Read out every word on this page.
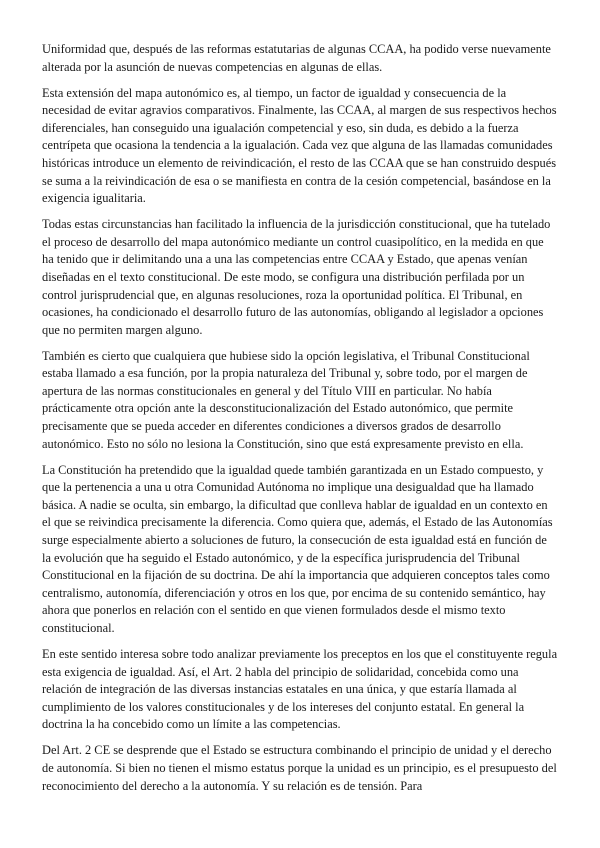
Uniformidad que, después de las reformas estatutarias de algunas CCAA, ha podido verse nuevamente alterada por la asunción de nuevas competencias en algunas de ellas.

Esta extensión del mapa autonómico es, al tiempo, un factor de igualdad y consecuencia de la necesidad de evitar agravios comparativos. Finalmente, las CCAA, al margen de sus respectivos hechos diferenciales, han conseguido una igualación competencial y eso, sin duda, es debido a la fuerza centrípeta que ocasiona la tendencia a la igualación. Cada vez que alguna de las llamadas comunidades históricas introduce un elemento de reivindicación, el resto de las CCAA que se han construido después se suma a la reivindicación de esa o se manifiesta en contra de la cesión competencial, basándose en la exigencia igualitaria.

Todas estas circunstancias han facilitado la influencia de la jurisdicción constitucional, que ha tutelado el proceso de desarrollo del mapa autonómico mediante un control cuasipolítico, en la medida en que ha tenido que ir delimitando una a una las competencias entre CCAA y Estado, que apenas venían diseñadas en el texto constitucional. De este modo, se configura una distribución perfilada por un control jurisprudencial que, en algunas resoluciones, roza la oportunidad política. El Tribunal, en ocasiones, ha condicionado el desarrollo futuro de las autonomías, obligando al legislador a opciones que no permiten margen alguno.

También es cierto que cualquiera que hubiese sido la opción legislativa, el Tribunal Constitucional estaba llamado a esa función, por la propia naturaleza del Tribunal y, sobre todo, por el margen de apertura de las normas constitucionales en general y del Título VIII en particular. No había prácticamente otra opción ante la desconstitucionalización del Estado autonómico, que permite precisamente que se pueda acceder en diferentes condiciones a diversos grados de desarrollo autonómico. Esto no sólo no lesiona la Constitución, sino que está expresamente previsto en ella.

La Constitución ha pretendido que la igualdad quede también garantizada en un Estado compuesto, y que la pertenencia a una u otra Comunidad Autónoma no implique una desigualdad que ha llamado básica. A nadie se oculta, sin embargo, la dificultad que conlleva hablar de igualdad en un contexto en el que se reivindica precisamente la diferencia. Como quiera que, además, el Estado de las Autonomías surge especialmente abierto a soluciones de futuro, la consecución de esta igualdad está en función de la evolución que ha seguido el Estado autonómico, y de la específica jurisprudencia del Tribunal Constitucional en la fijación de su doctrina. De ahí la importancia que adquieren conceptos tales como centralismo, autonomía, diferenciación y otros en los que, por encima de su contenido semántico, hay ahora que ponerlos en relación con el sentido en que vienen formulados desde el mismo texto constitucional.

En este sentido interesa sobre todo analizar previamente los preceptos en los que el constituyente regula esta exigencia de igualdad. Así, el Art. 2 habla del principio de solidaridad, concebida como una relación de integración de las diversas instancias estatales en una única, y que estaría llamada al cumplimiento de los valores constitucionales y de los intereses del conjunto estatal. En general la doctrina la ha concebido como un límite a las competencias.

Del Art. 2 CE se desprende que el Estado se estructura combinando el principio de unidad y el derecho de autonomía. Si bien no tienen el mismo estatus porque la unidad es un principio, es el presupuesto del reconocimiento del derecho a la autonomía. Y su relación es de tensión. Para
